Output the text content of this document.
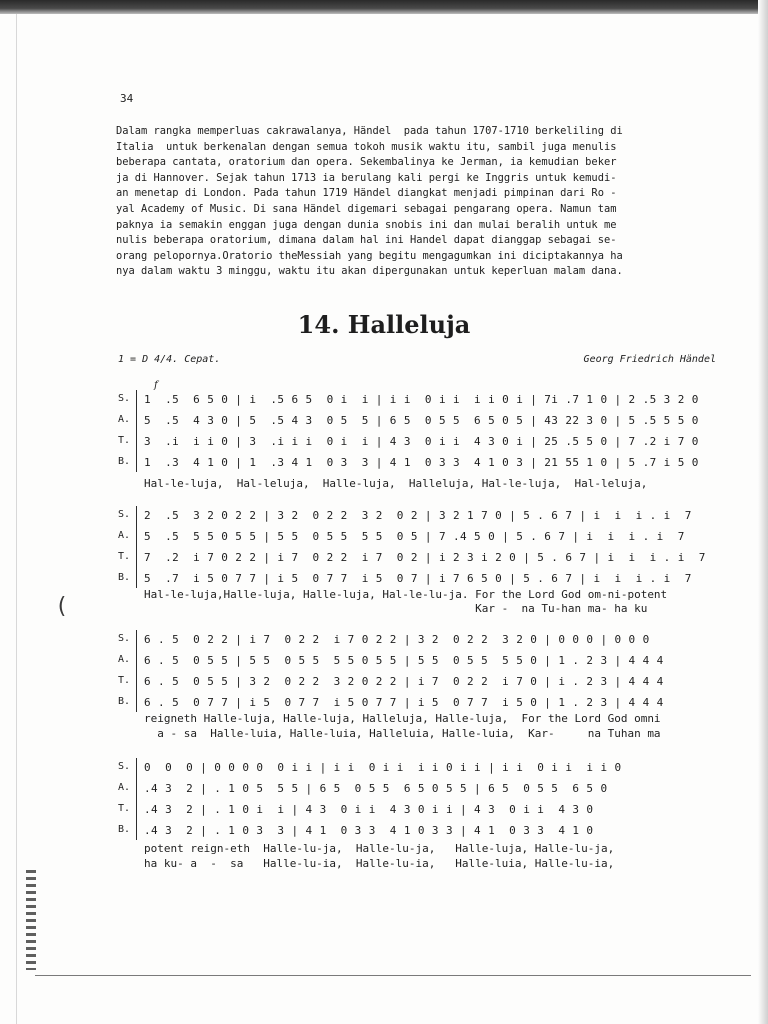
(
34
Dalam rangka memperluas cakrawalanya, Händel  pada tahun 1707-1710 berkeliling di
Italia  untuk berkenalan dengan semua tokoh musik waktu itu, sambil juga menulis
beberapa cantata, oratorium dan opera. Sekembalinya ke Jerman, ia kemudian beker
ja di Hannover. Sejak tahun 1713 ia berulang kali pergi ke Inggris untuk kemudi-
an menetap di London. Pada tahun 1719 Händel diangkat menjadi pimpinan dari Ro -
yal Academy of Music. Di sana Händel digemari sebagai pengarang opera. Namun tam
paknya ia semakin enggan juga dengan dunia snobis ini dan mulai beralih untuk me
nulis beberapa oratorium, dimana dalam hal ini Handel dapat dianggap sebagai se-
orang pelopornya.Oratorio theMessiah yang begitu mengagumkan ini diciptakannya ha
nya dalam waktu 3 minggu, waktu itu akan dipergunakan untuk keperluan malam dana.
14. Halleluja
1 = D 4/4. Cepat.	Georg Friedrich Händel
f
S. 1  .5  6 5 0 | i  .5 6 5  0 i  i | i i  0 i i  i i 0 i | 7i .7 1 0 | 2 .5 3 2 0
A. 5  .5  4 3 0 | 5  .5 4 3  0 5  5 | 6 5  0 5 5  6 5 0 5 | 43 22 3 0 | 5 .5 5 5 0
T. 3  .i  i i 0 | 3  .i i i  0 i  i | 4 3  0 i i  4 3 0 i | 25 .5 5 0 | 7 .2 i 7 0
B. 1  .3  4 1 0 | 1  .3 4 1  0 3  3 | 4 1  0 3 3  4 1 0 3 | 21 55 1 0 | 5 .7 i 5 0
Hal-le-luja,  Hal-leluja,  Halle-luja,  Halleluja, Hal-le-luja,  Hal-leluja,
S. 2  .5  3 2 0 2 2 | 3 2  0 2 2  3 2  0 2 | 3 2 1 7 0 | 5 . 6 7 | i  i  i . i  7
A. 5  .5  5 5 0 5 5 | 5 5  0 5 5  5 5  0 5 | 7 .4 5 0 | 5 . 6 7 | i  i  i . i  7
T. 7  .2  i 7 0 2 2 | i 7  0 2 2  i 7  0 2 | i 2 3 i 2 0 | 5 . 6 7 | i  i  i . i  7
B. 5  .7  i 5 0 7 7 | i 5  0 7 7  i 5  0 7 | i 7 6 5 0 | 5 . 6 7 | i  i  i . i  7
Hal-le-luja,Halle-luja, Halle-luja, Hal-le-lu-ja. For the Lord God om-ni-potent
Kar -  na Tu-han ma- ha ku
S. 6 . 5  0 2 2 | i 7  0 2 2  i 7 0 2 2 | 3 2  0 2 2  3 2 0 | 0 0 0 | 0 0 0
A. 6 . 5  0 5 5 | 5 5  0 5 5  5 5 0 5 5 | 5 5  0 5 5  5 5 0 | 1 . 2 3 | 4 4 4
T. 6 . 5  0 5 5 | 3 2  0 2 2  3 2 0 2 2 | i 7  0 2 2  i 7 0 | i . 2 3 | 4 4 4
B. 6 . 5  0 7 7 | i 5  0 7 7  i 5 0 7 7 | i 5  0 7 7  i 5 0 | 1 . 2 3 | 4 4 4
reigneth Halle-luja, Halle-luja, Halleluja, Halle-luja,  For the Lord God omni
a - sa  Halle-luia, Halle-luia, Halleluia, Halle-luia,  Kar-     na Tuhan ma
S. 0  0  0 | 0 0 0 0  0 i i | i i  0 i i  i i 0 i i | i i  0 i i  i i 0
A. .4 3  2 | . 1 0 5  5 5 | 6 5  0 5 5  6 5 0 5 5 | 6 5  0 5 5  6 5 0
T. .4 3  2 | . 1 0 i  i | 4 3  0 i i  4 3 0 i i | 4 3  0 i i  4 3 0
B. .4 3  2 | . 1 0 3  3 | 4 1  0 3 3  4 1 0 3 3 | 4 1  0 3 3  4 1 0
potent reign-eth  Halle-lu-ja,  Halle-lu-ja,   Halle-luja, Halle-lu-ja,
ha ku- a  -  sa   Halle-lu-ia,  Halle-lu-ia,   Halle-luia, Halle-lu-ia,
